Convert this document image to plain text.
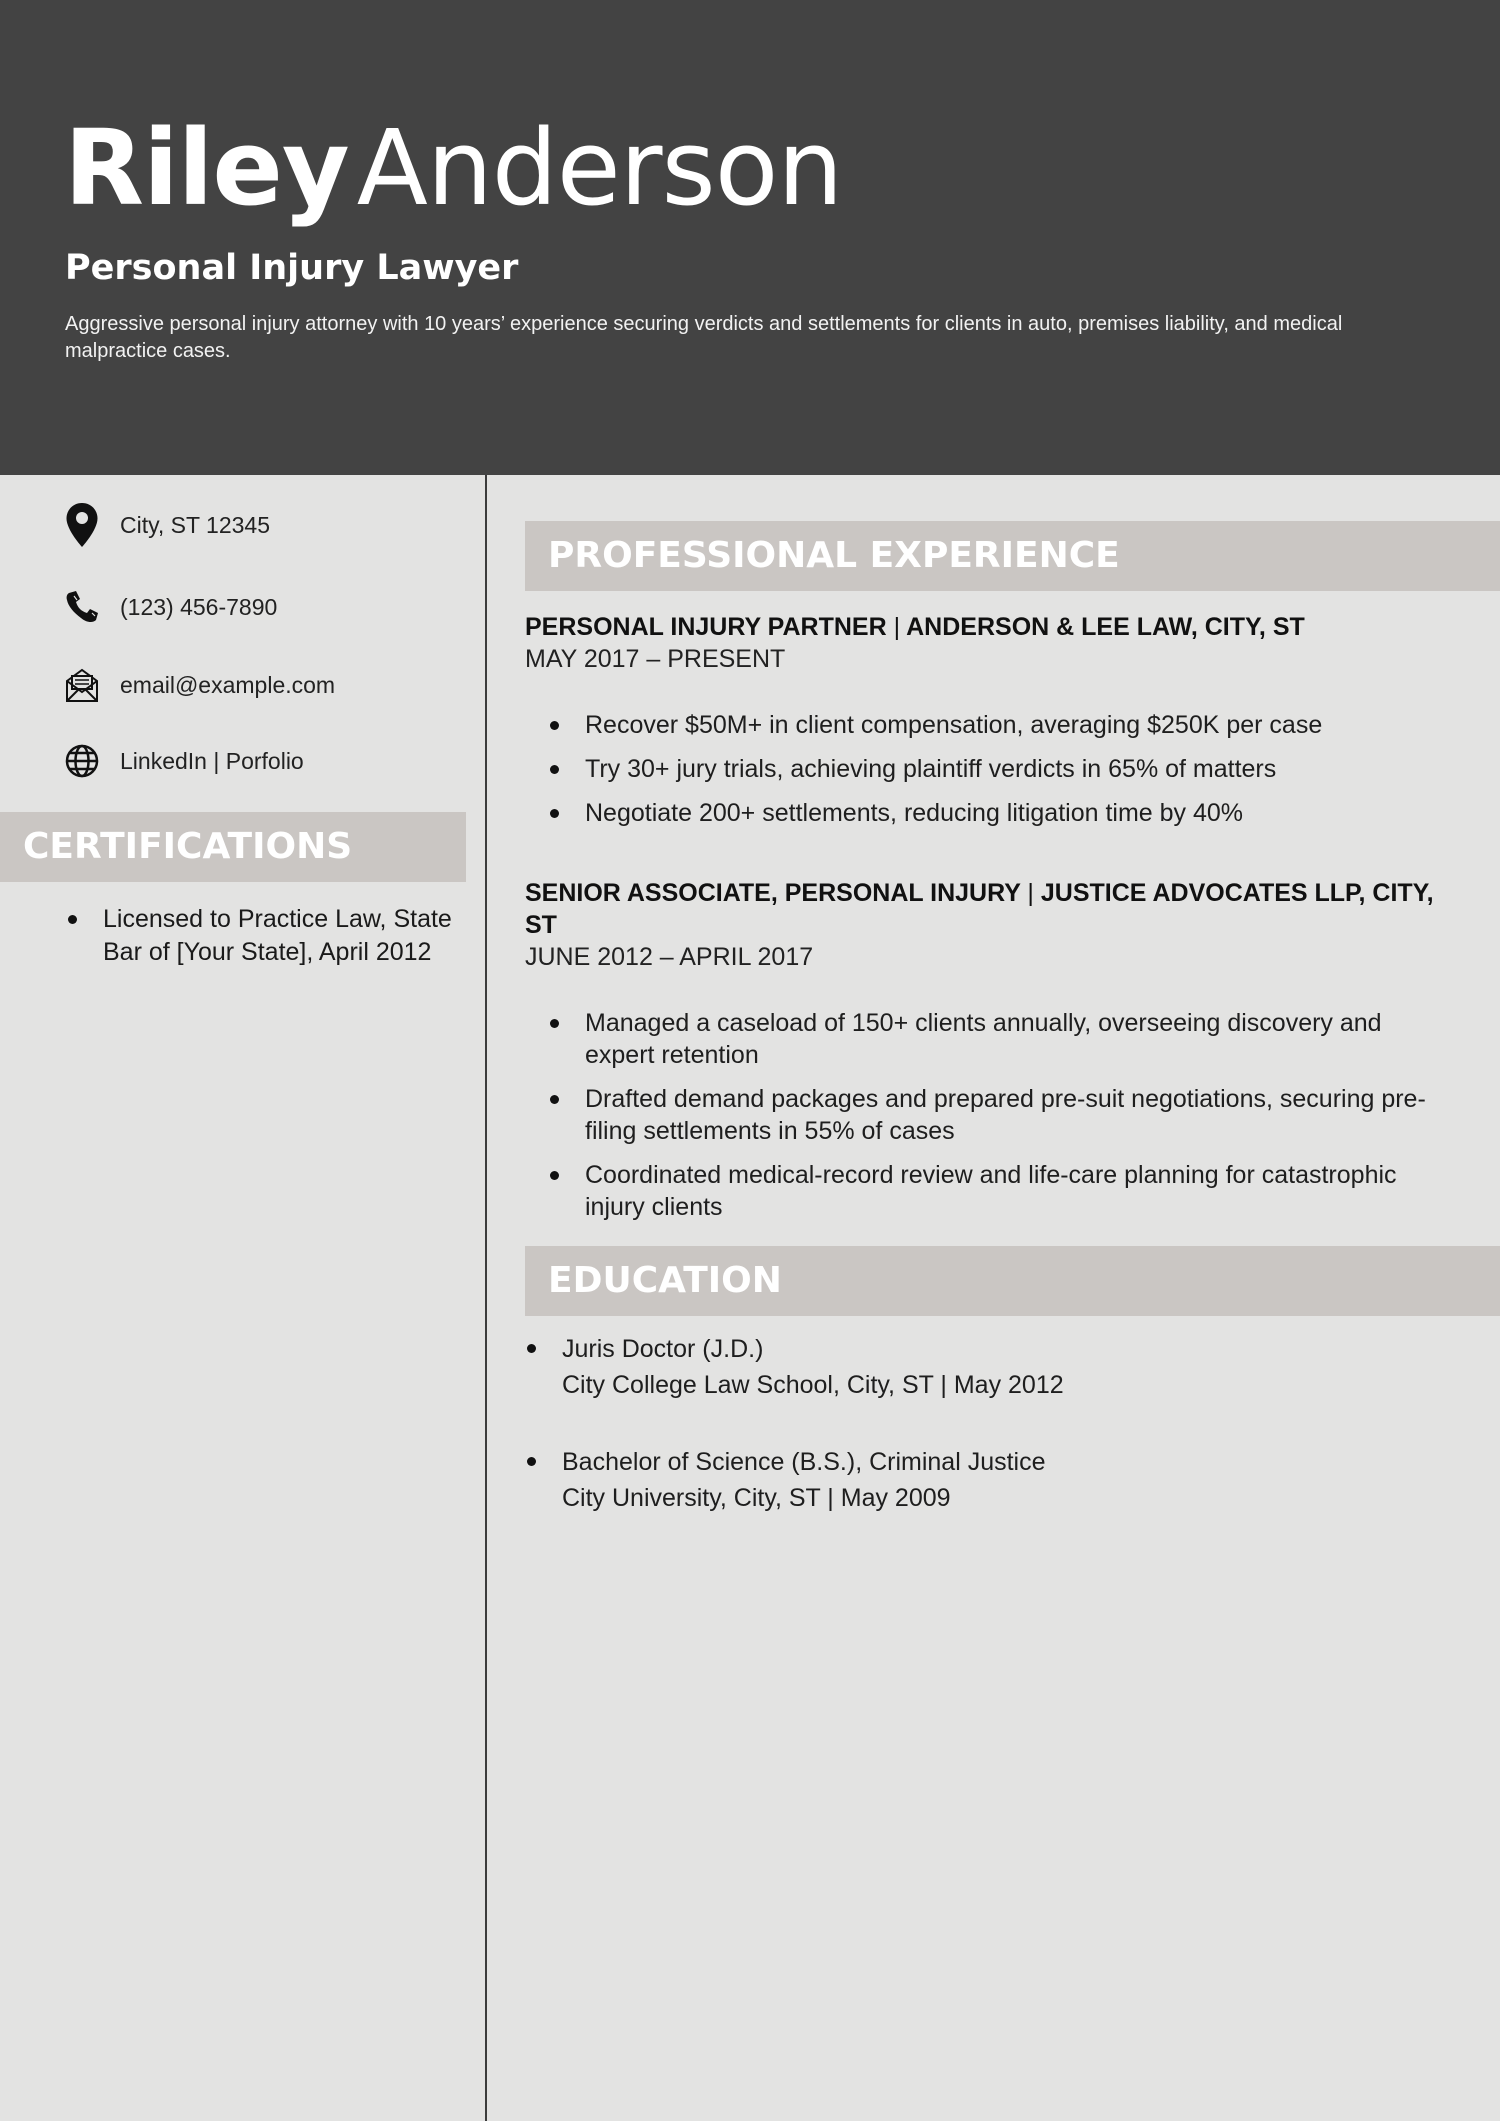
RileyAnderson
Personal Injury Lawyer
Aggressive personal injury attorney with 10 years’ experience securing verdicts and settlements for clients in auto, premises liability, and medical malpractice cases.
City, ST 12345
(123) 456-7890
email@example.com
LinkedIn | Porfolio
CERTIFICATIONS
Licensed to Practice Law, State Bar of [Your State], April 2012
PROFESSIONAL EXPERIENCE
PERSONAL INJURY PARTNER | ANDERSON & LEE LAW, CITY, ST
MAY 2017 – PRESENT
Recover $50M+ in client compensation, averaging $250K per case
Try 30+ jury trials, achieving plaintiff verdicts in 65% of matters
Negotiate 200+ settlements, reducing litigation time by 40%
SENIOR ASSOCIATE, PERSONAL INJURY | JUSTICE ADVOCATES LLP, CITY, ST
JUNE 2012 – APRIL 2017
Managed a caseload of 150+ clients annually, overseeing discovery and expert retention
Drafted demand packages and prepared pre-suit negotiations, securing pre-filing settlements in 55% of cases
Coordinated medical-record review and life-care planning for catastrophic injury clients
EDUCATION
Juris Doctor (J.D.)
City College Law School, City, ST | May 2012
Bachelor of Science (B.S.), Criminal Justice
City University, City, ST | May 2009
